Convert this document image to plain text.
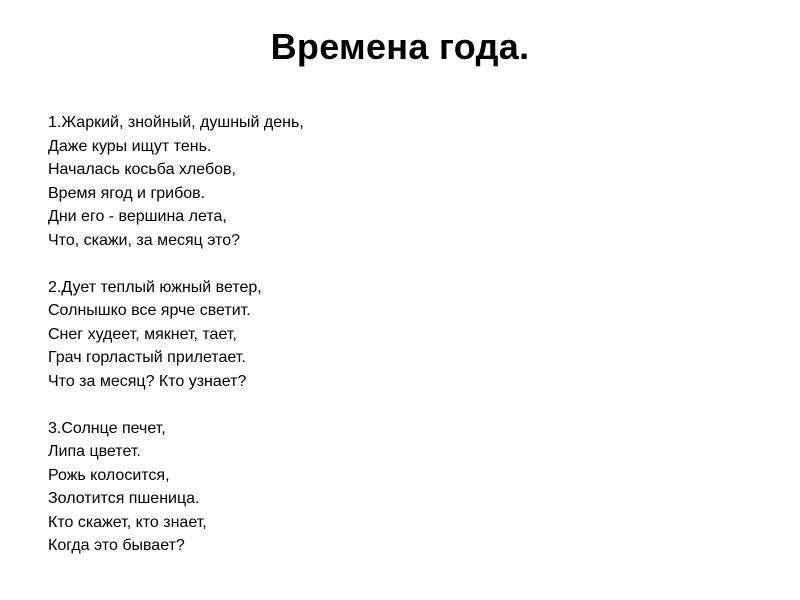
Времена года.
1.Жаркий, знойный, душный день,
Даже куры ищут тень.
Началась косьба хлебов,
Время ягод и грибов.
Дни его - вершина лета,
Что, скажи, за месяц это?
2.Дует теплый южный ветер,
Солнышко все ярче светит.
Снег худеет, мякнет, тает,
Грач горластый прилетает.
Что за месяц? Кто узнает?
3.Солнце печет,
Липа цветет.
Рожь колосится,
Золотится пшеница.
Кто скажет, кто знает,
Когда это бывает?
